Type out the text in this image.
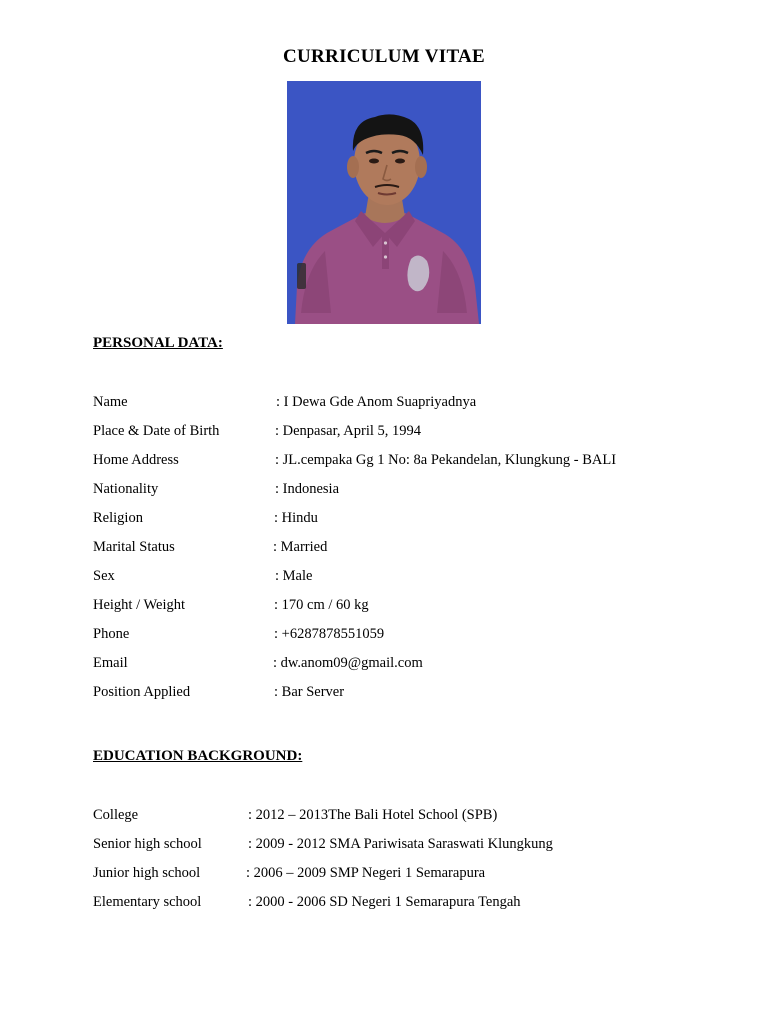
CURRICULUM VITAE
PERSONAL DATA:
Name	: I Dewa Gde Anom Suapriyadnya
Place & Date of Birth	: Denpasar, April 5, 1994
Home Address	: JL.cempaka Gg 1 No: 8a Pekandelan, Klungkung - BALI
Nationality	: Indonesia
Religion	: Hindu
Marital Status	: Married
Sex	: Male
Height / Weight	: 170 cm / 60 kg
Phone	: +6287878551059
Email	: dw.anom09@gmail.com
Position Applied	: Bar Server
EDUCATION BACKGROUND:
College	: 2012 – 2013The Bali Hotel School (SPB)
Senior high school	: 2009 - 2012 SMA Pariwisata Saraswati Klungkung
Junior high school	: 2006 – 2009 SMP Negeri 1 Semarapura
Elementary school	: 2000 - 2006 SD Negeri 1 Semarapura Tengah
